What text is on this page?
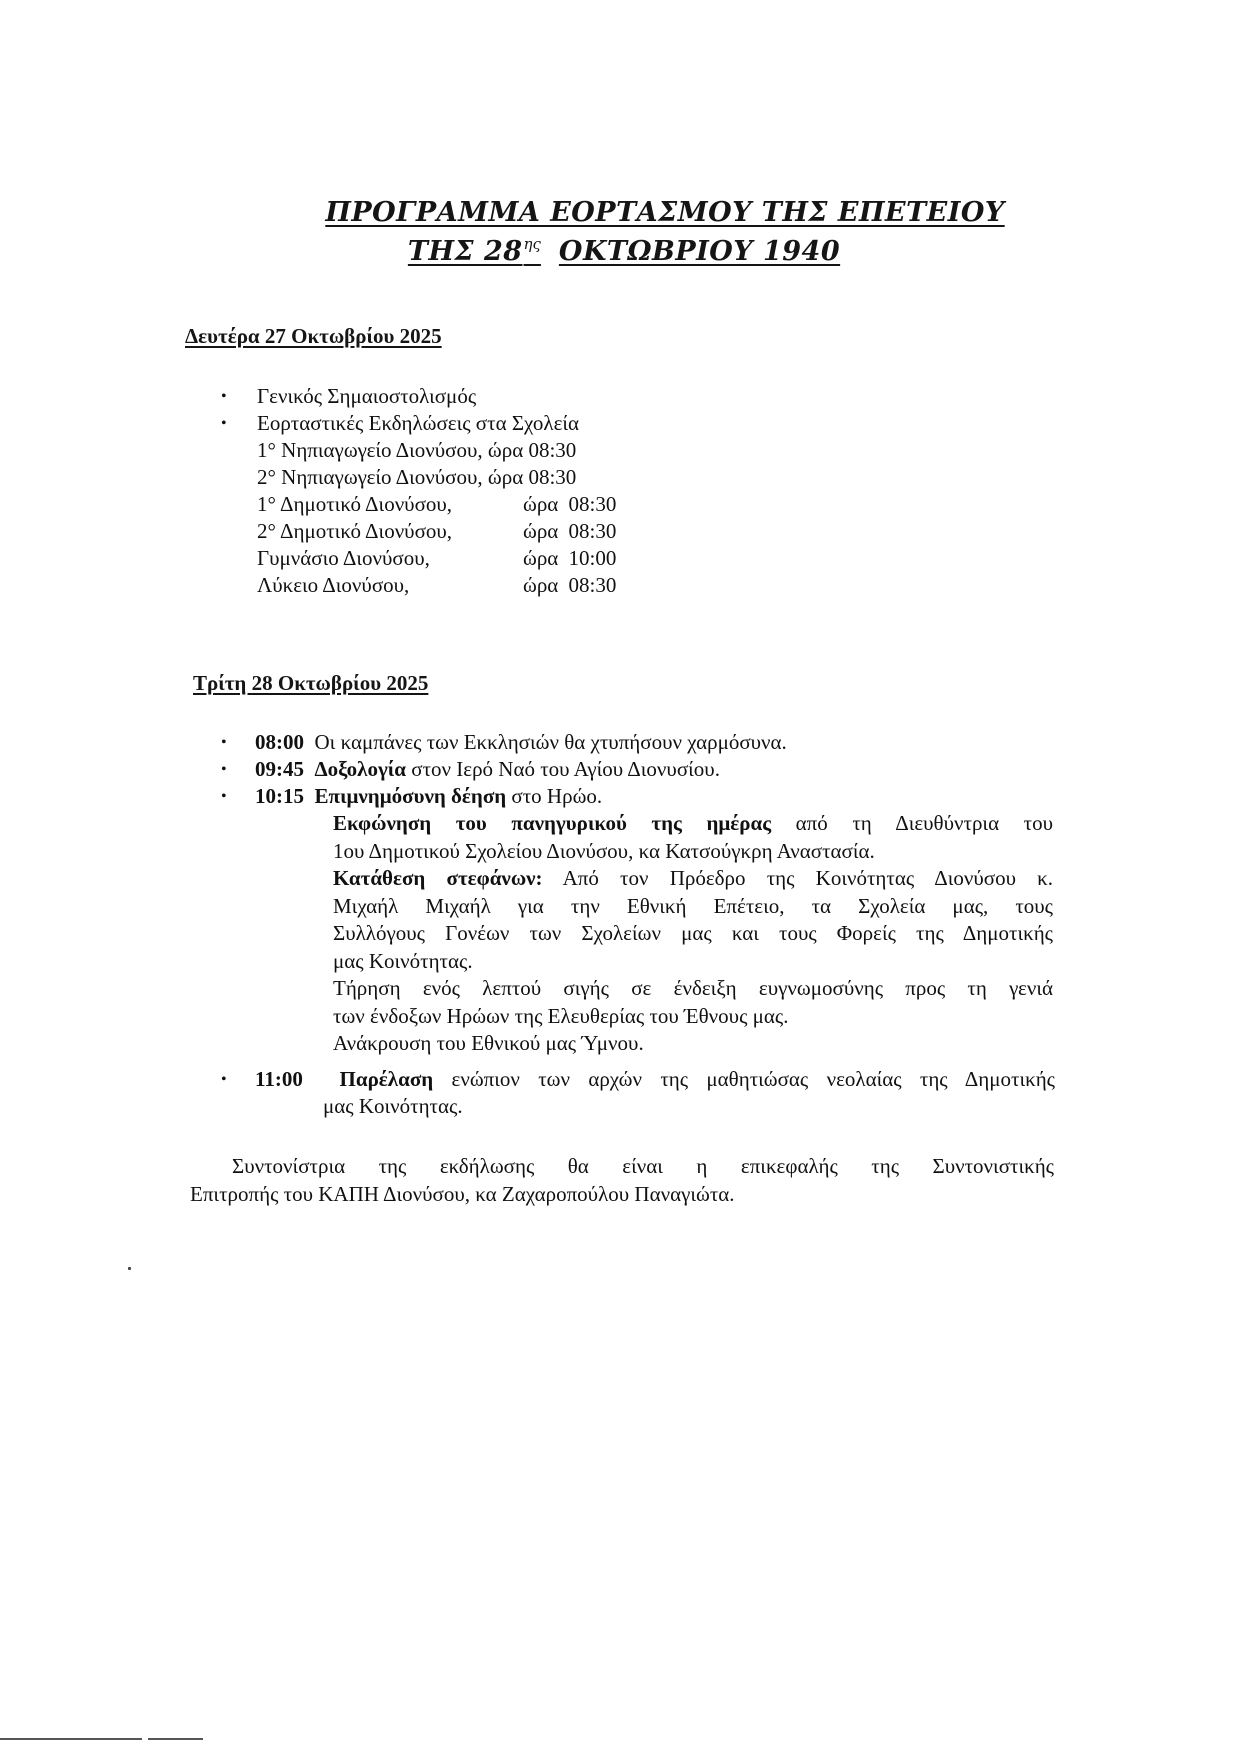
ΠΡΟΓΡΑΜΜΑ ΕΟΡΤΑΣΜΟΥ ΤΗΣ ΕΠΕΤΕΙΟΥ
ΤΗΣ $28^{\eta\varsigma}$ ΟΚΤΩΒΡΙΟΥ 1940
Δευτέρα 27 Οκτωβρίου 2025
• Γενικός Σημαιοστολισμός
• Εορταστικές Εκδηλώσεις στα Σχολεία
1° Νηπιαγωγείο Διονύσου, ώρα 08:30
2° Νηπιαγωγείο Διονύσου, ώρα 08:30
1° Δημοτικό Διονύσου,	ώρα 08:30
2° Δημοτικό Διονύσου,	ώρα 08:30
Γυμνάσιο Διονύσου,	ώρα 10:00
Λύκειο Διονύσου,	ώρα 08:30
Τρίτη 28 Οκτωβρίου 2025
• 08:00 Οι καμπάνες των Εκκλησιών θα χτυπήσουν χαρμόσυνα.
• 09:45 Δοξολογία στον Ιερό Ναό του Αγίου Διονυσίου.
• 10:15 Επιμνημόσυνη δέηση στο Ηρώο.
Εκφώνηση του πανηγυρικού της ημέρας από τη Διευθύντρια του
1ου Δημοτικού Σχολείου Διονύσου, κα Κατσούγκρη Αναστασία.
Κατάθεση στεφάνων: Από τον Πρόεδρο της Κοινότητας Διονύσου κ.
Μιχαήλ Μιχαήλ για την Εθνική Επέτειο, τα Σχολεία μας, τους
Συλλόγους Γονέων των Σχολείων μας και τους Φορείς της Δημοτικής
μας Κοινότητας.
Τήρηση ενός λεπτού σιγής σε ένδειξη ευγνωμοσύνης προς τη γενιά
των ένδοξων Ηρώων της Ελευθερίας του Έθνους μας.
Ανάκρουση του Εθνικού μας Ύμνου.
• 11:00 Παρέλαση ενώπιον των αρχών της μαθητιώσας νεολαίας της Δημοτικής
μας Κοινότητας.
Συντονίστρια της εκδήλωσης θα είναι η επικεφαλής της Συντονιστικής
Επιτροπής του ΚΑΠΗ Διονύσου, κα Ζαχαροπούλου Παναγιώτα.
